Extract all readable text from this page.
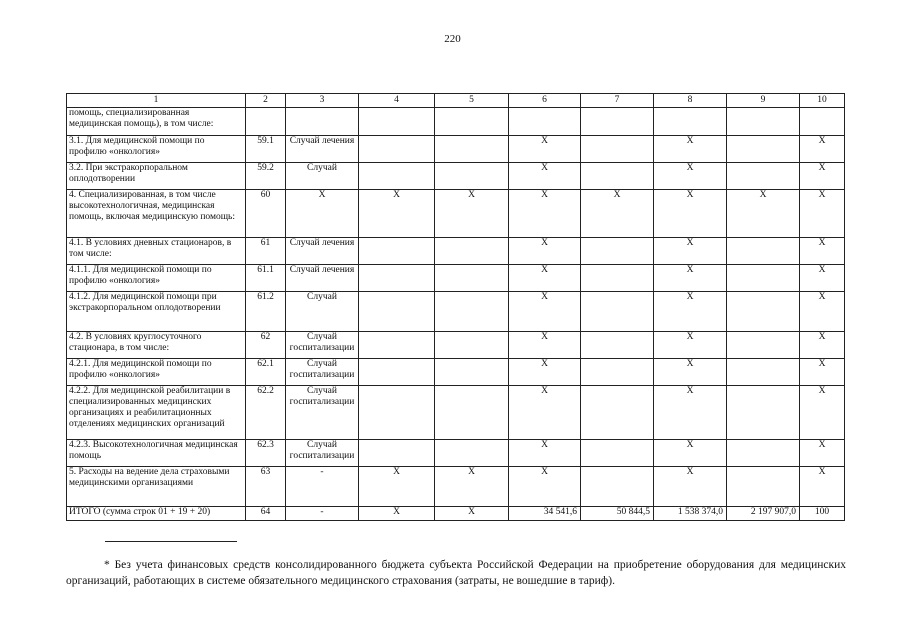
220
1	2	3	4	5	6	7	8	9	10
помощь, специализированная медицинская помощь), в том числе:									
3.1. Для медицинской помощи по профилю «онкология»	59.1	Случай лечения			X		X		X
3.2. При экстракорпоральном оплодотворении	59.2	Случай			X		X		X
4. Специализированная, в том числе высокотехнологичная, медицинская помощь, включая медицинскую помощь:	60	X	X	X	X	X	X	X	X
4.1. В условиях дневных стационаров, в том числе:	61	Случай лечения			X		X		X
4.1.1. Для медицинской помощи по профилю «онкология»	61.1	Случай лечения			X		X		X
4.1.2. Для медицинской помощи при экстракорпоральном оплодотворении	61.2	Случай			X		X		X
4.2. В условиях круглосуточного стационара, в том числе:	62	Случай госпитализации			X		X		X
4.2.1. Для медицинской помощи по профилю «онкология»	62.1	Случай госпитализации			X		X		X
4.2.2. Для медицинской реабилитации в специализированных медицинских организациях и реабилитационных отделениях медицинских организаций	62.2	Случай госпитализации			X		X		X
4.2.3. Высокотехнологичная медицинская помощь	62.3	Случай госпитализации			X		X		X
5. Расходы на ведение дела страховыми медицинскими организациями	63	-	X	X	X		X		X
ИТОГО (сумма строк 01 + 19 + 20)	64	-	X	X	34 541,6	50 844,5	1 538 374,0	2 197 907,0	100
* Без учета финансовых средств консолидированного бюджета субъекта Российской Федерации на приобретение оборудования для медицинских организаций, работающих в системе обязательного медицинского страхования (затраты, не вошедшие в тариф).
